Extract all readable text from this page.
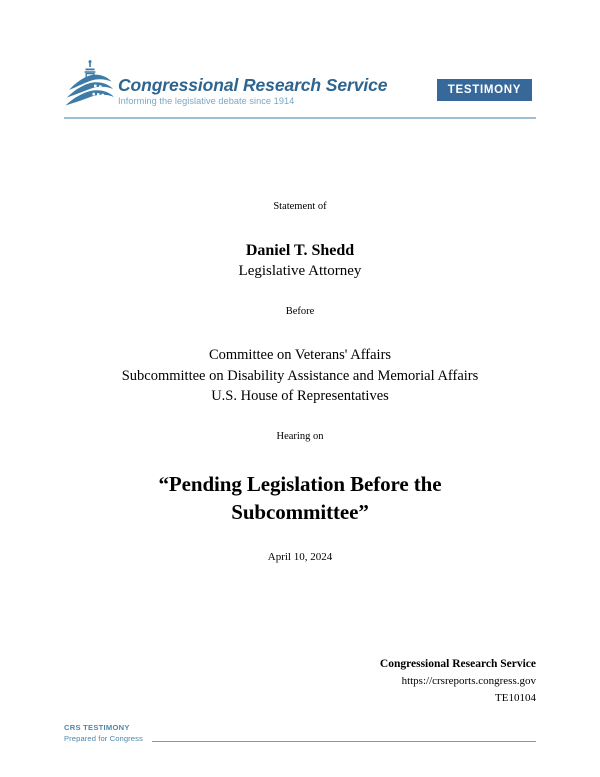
Congressional Research Service
Informing the legislative debate since 1914
TESTIMONY
Statement of
Daniel T. Shedd
Legislative Attorney
Before
Committee on Veterans' Affairs
Subcommittee on Disability Assistance and Memorial Affairs
U.S. House of Representatives
Hearing on
“Pending Legislation Before the
Subcommittee”
April 10, 2024
Congressional Research Service
https://crsreports.congress.gov
TE10104
CRS TESTIMONY
Prepared for Congress
